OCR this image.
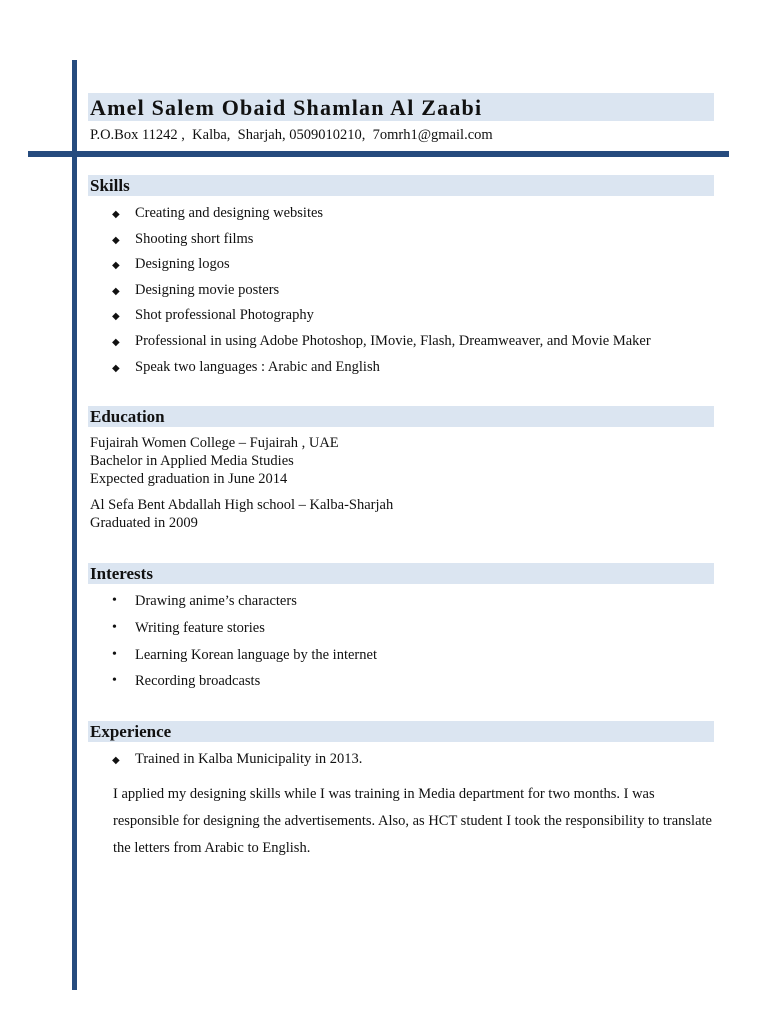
Amel Salem Obaid Shamlan Al Zaabi
P.O.Box 11242 ,  Kalba,  Sharjah, 0509010210,  7omrh1@gmail.com
Skills
◆ Creating and designing websites
◆ Shooting short films
◆ Designing logos
◆ Designing movie posters
◆ Shot professional Photography
◆ Professional in using Adobe Photoshop, IMovie, Flash, Dreamweaver, and Movie Maker
◆ Speak two languages : Arabic and English
Education
Fujairah Women College – Fujairah , UAE
Bachelor in Applied Media Studies
Expected graduation in June 2014
Al Sefa Bent Abdallah High school – Kalba-Sharjah
Graduated in 2009
Interests
• Drawing anime’s characters
• Writing feature stories
• Learning Korean language by the internet
• Recording broadcasts
Experience
◆ Trained in Kalba Municipality in 2013.
I applied my designing skills while I was training in Media department for two months. I was responsible for designing the advertisements. Also, as HCT student I took the responsibility to translate the letters from Arabic to English.
